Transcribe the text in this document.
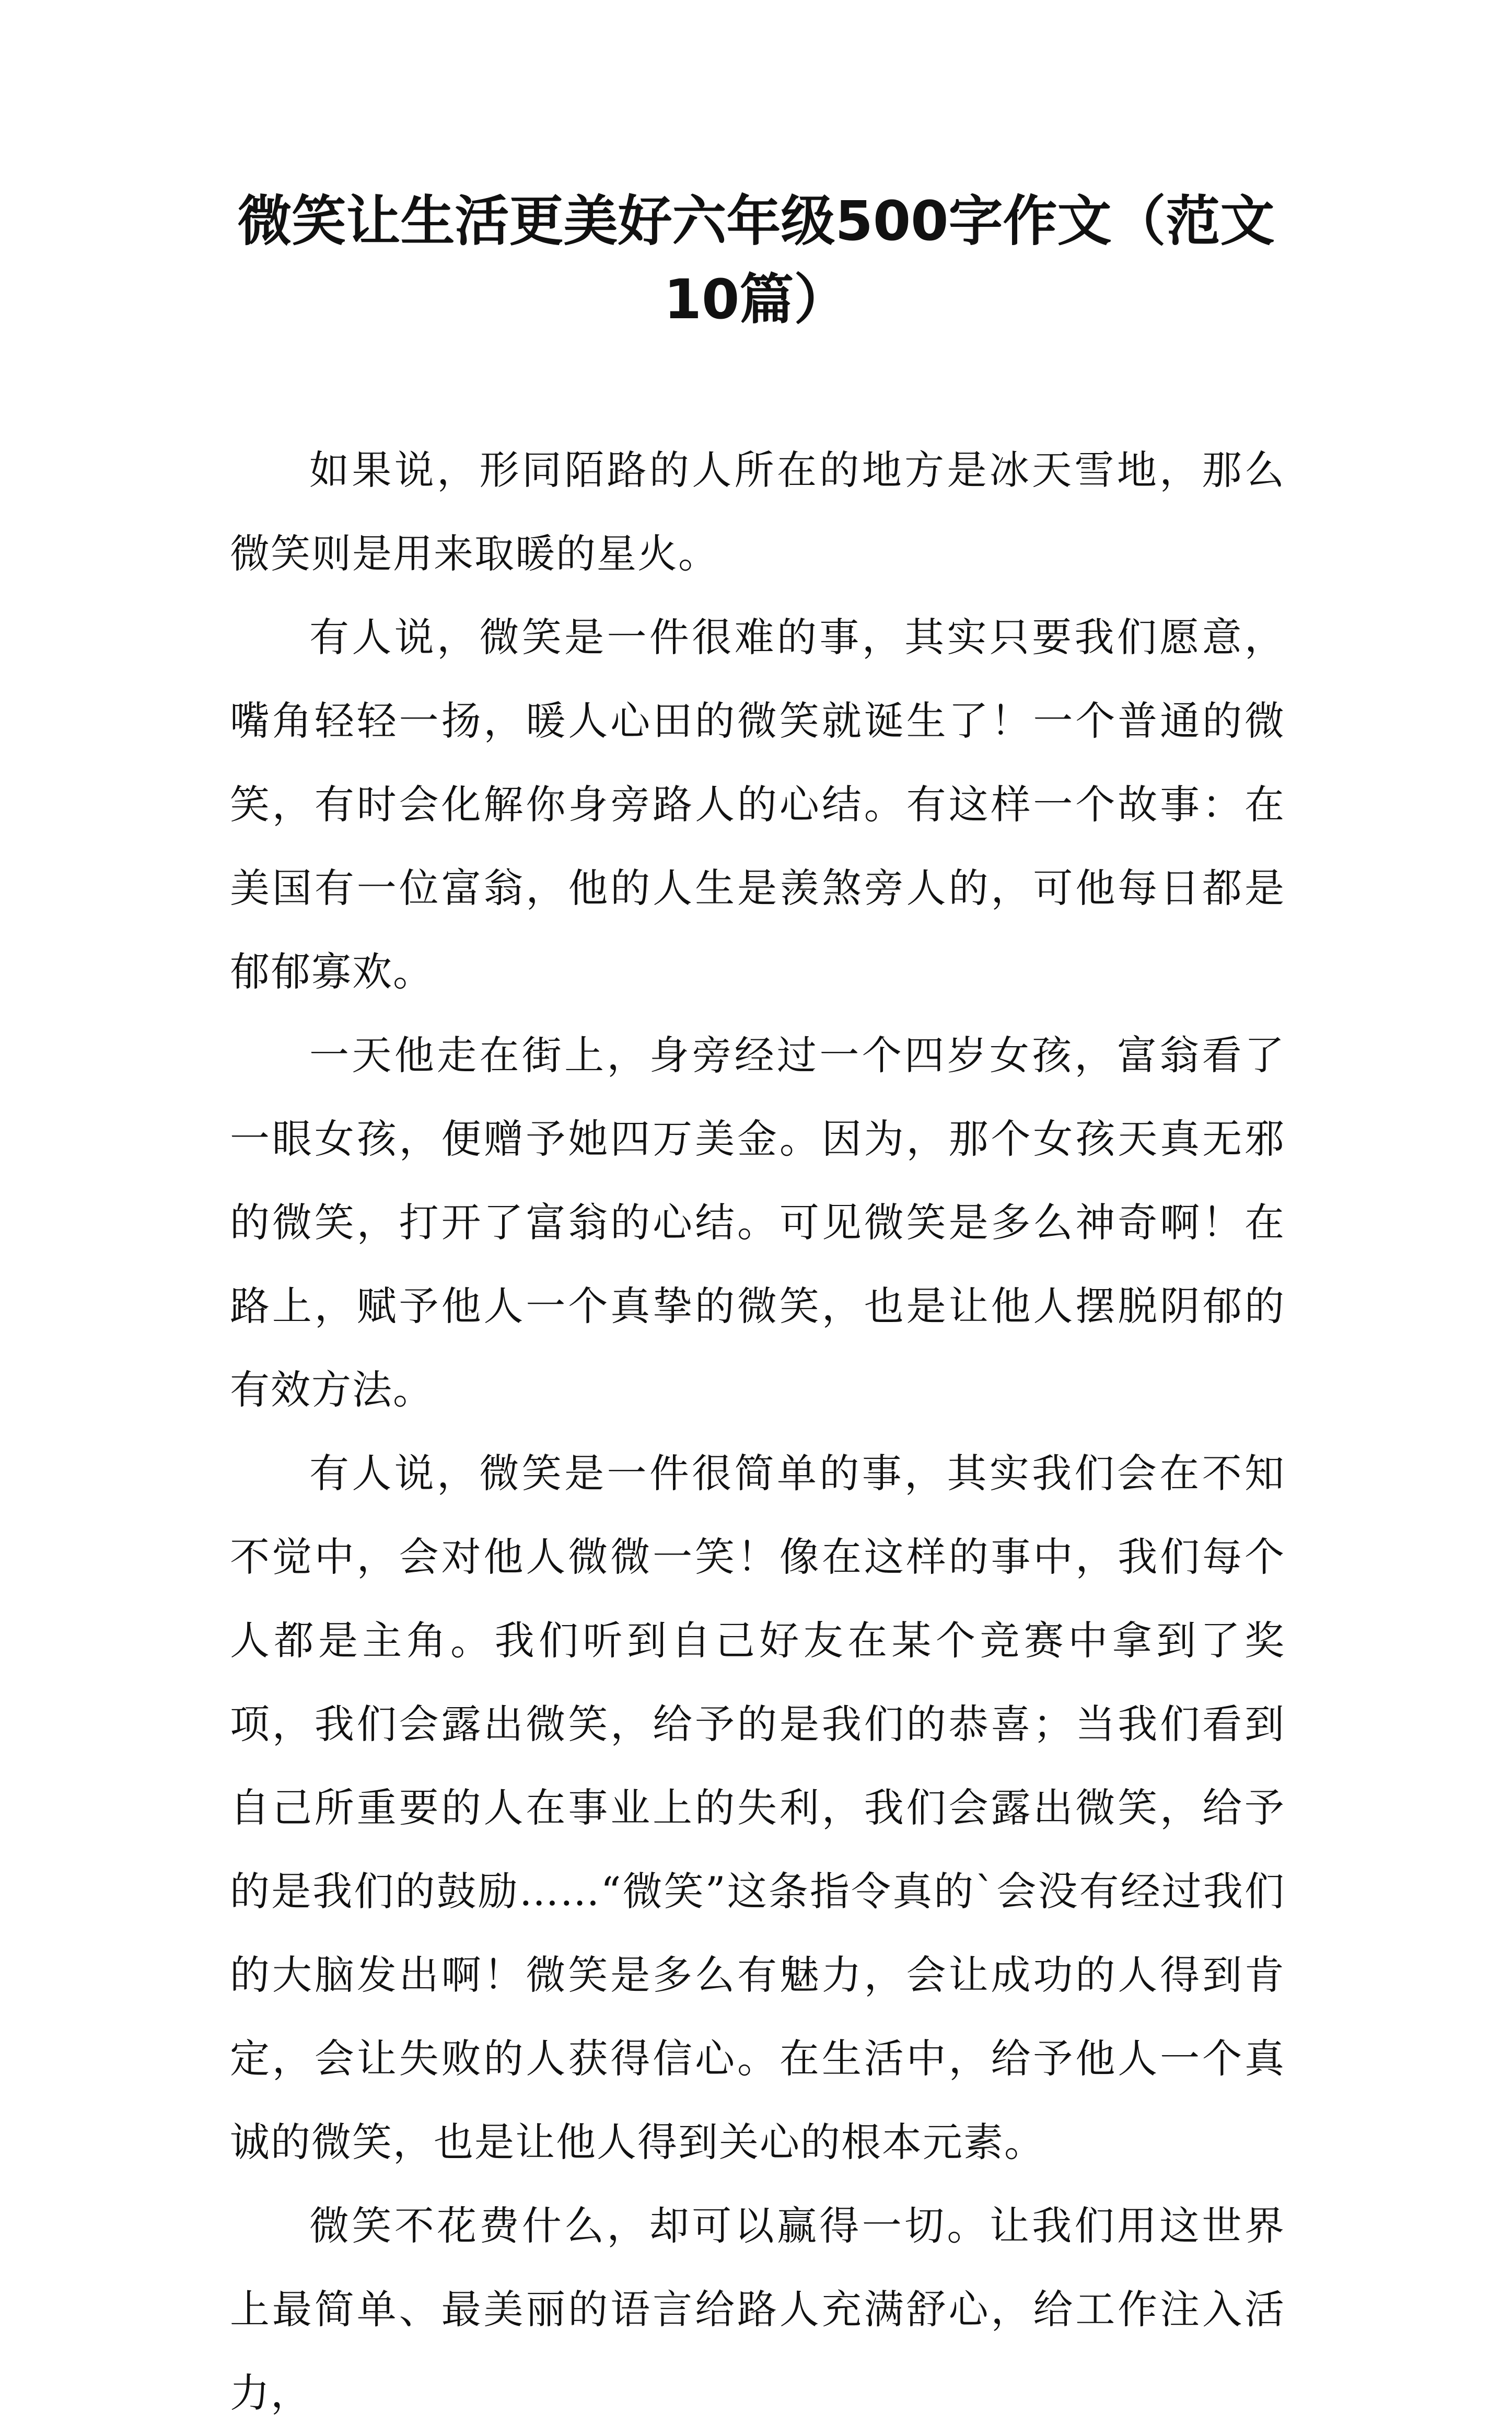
微笑让生活更美好六年级500字作文（范文10篇）

如果说，形同陌路的人所在的地方是冰天雪地，那么微笑则是用来取暖的星火。

有人说，微笑是一件很难的事，其实只要我们愿意，嘴角轻轻一扬，暖人心田的微笑就诞生了！一个普通的微笑，有时会化解你身旁路人的心结。有这样一个故事：在美国有一位富翁，他的人生是羡煞旁人的，可他每日都是郁郁寡欢。

一天他走在街上，身旁经过一个四岁女孩，富翁看了一眼女孩，便赠予她四万美金。因为，那个女孩天真无邪的微笑，打开了富翁的心结。可见微笑是多么神奇啊！在路上，赋予他人一个真挚的微笑，也是让他人摆脱阴郁的有效方法。

有人说，微笑是一件很简单的事，其实我们会在不知不觉中，会对他人微微一笑！像在这样的事中，我们每个人都是主角。我们听到自己好友在某个竞赛中拿到了奖项，我们会露出微笑，给予的是我们的恭喜；当我们看到自己所重要的人在事业上的失利，我们会露出微笑，给予的是我们的鼓励……“微笑”这条指令真的`会没有经过我们的大脑发出啊！微笑是多么有魅力，会让成功的人得到肯定，会让失败的人获得信心。在生活中，给予他人一个真诚的微笑，也是让他人得到关心的根本元素。

微笑不花费什么，却可以赢得一切。让我们用这世界上最简单、最美丽的语言给路人充满舒心，给工作注入活力，
